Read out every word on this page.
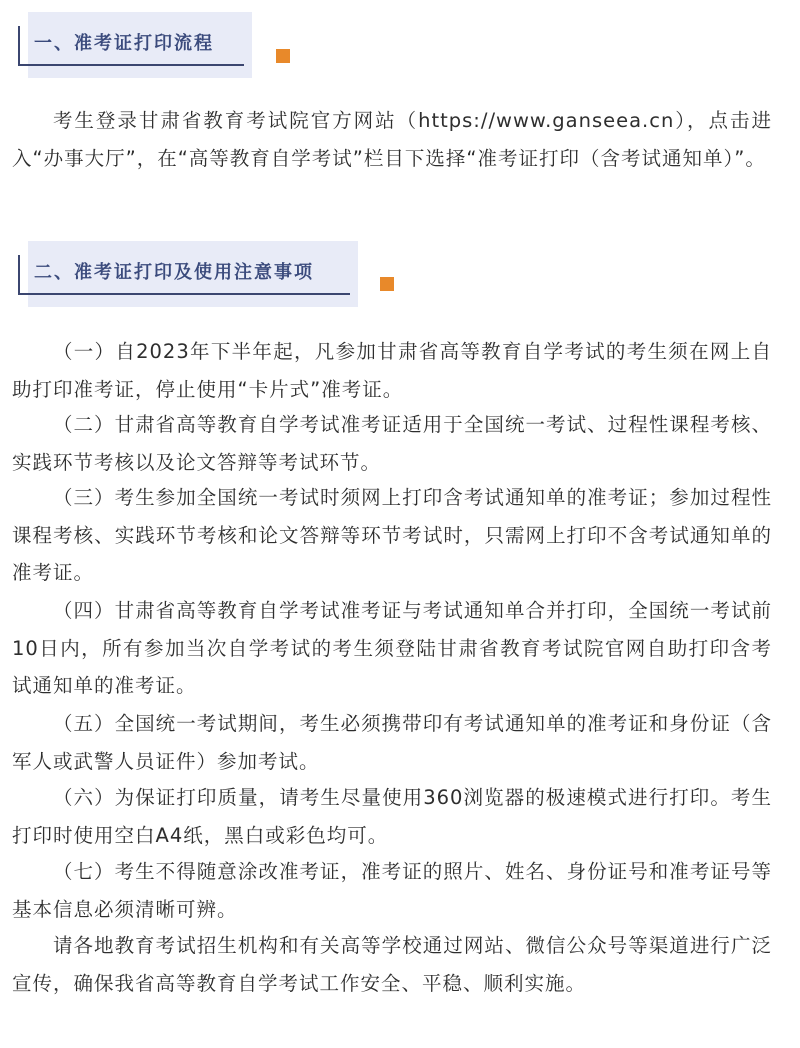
一、准考证打印流程
考生登录甘肃省教育考试院官方网站（https://www.ganseea.cn），点击进入“办事大厅”，在“高等教育自学考试”栏目下选择“准考证打印（含考试通知单）”。
二、准考证打印及使用注意事项
（一）自2023年下半年起，凡参加甘肃省高等教育自学考试的考生须在网上自助打印准考证，停止使用“卡片式”准考证。
（二）甘肃省高等教育自学考试准考证适用于全国统一考试、过程性课程考核、实践环节考核以及论文答辩等考试环节。
（三）考生参加全国统一考试时须网上打印含考试通知单的准考证；参加过程性课程考核、实践环节考核和论文答辩等环节考试时，只需网上打印不含考试通知单的准考证。
（四）甘肃省高等教育自学考试准考证与考试通知单合并打印，全国统一考试前10日内，所有参加当次自学考试的考生须登陆甘肃省教育考试院官网自助打印含考试通知单的准考证。
（五）全国统一考试期间，考生必须携带印有考试通知单的准考证和身份证（含军人或武警人员证件）参加考试。
（六）为保证打印质量，请考生尽量使用360浏览器的极速模式进行打印。考生打印时使用空白A4纸，黑白或彩色均可。
（七）考生不得随意涂改准考证，准考证的照片、姓名、身份证号和准考证号等基本信息必须清晰可辨。
请各地教育考试招生机构和有关高等学校通过网站、微信公众号等渠道进行广泛宣传，确保我省高等教育自学考试工作安全、平稳、顺利实施。
